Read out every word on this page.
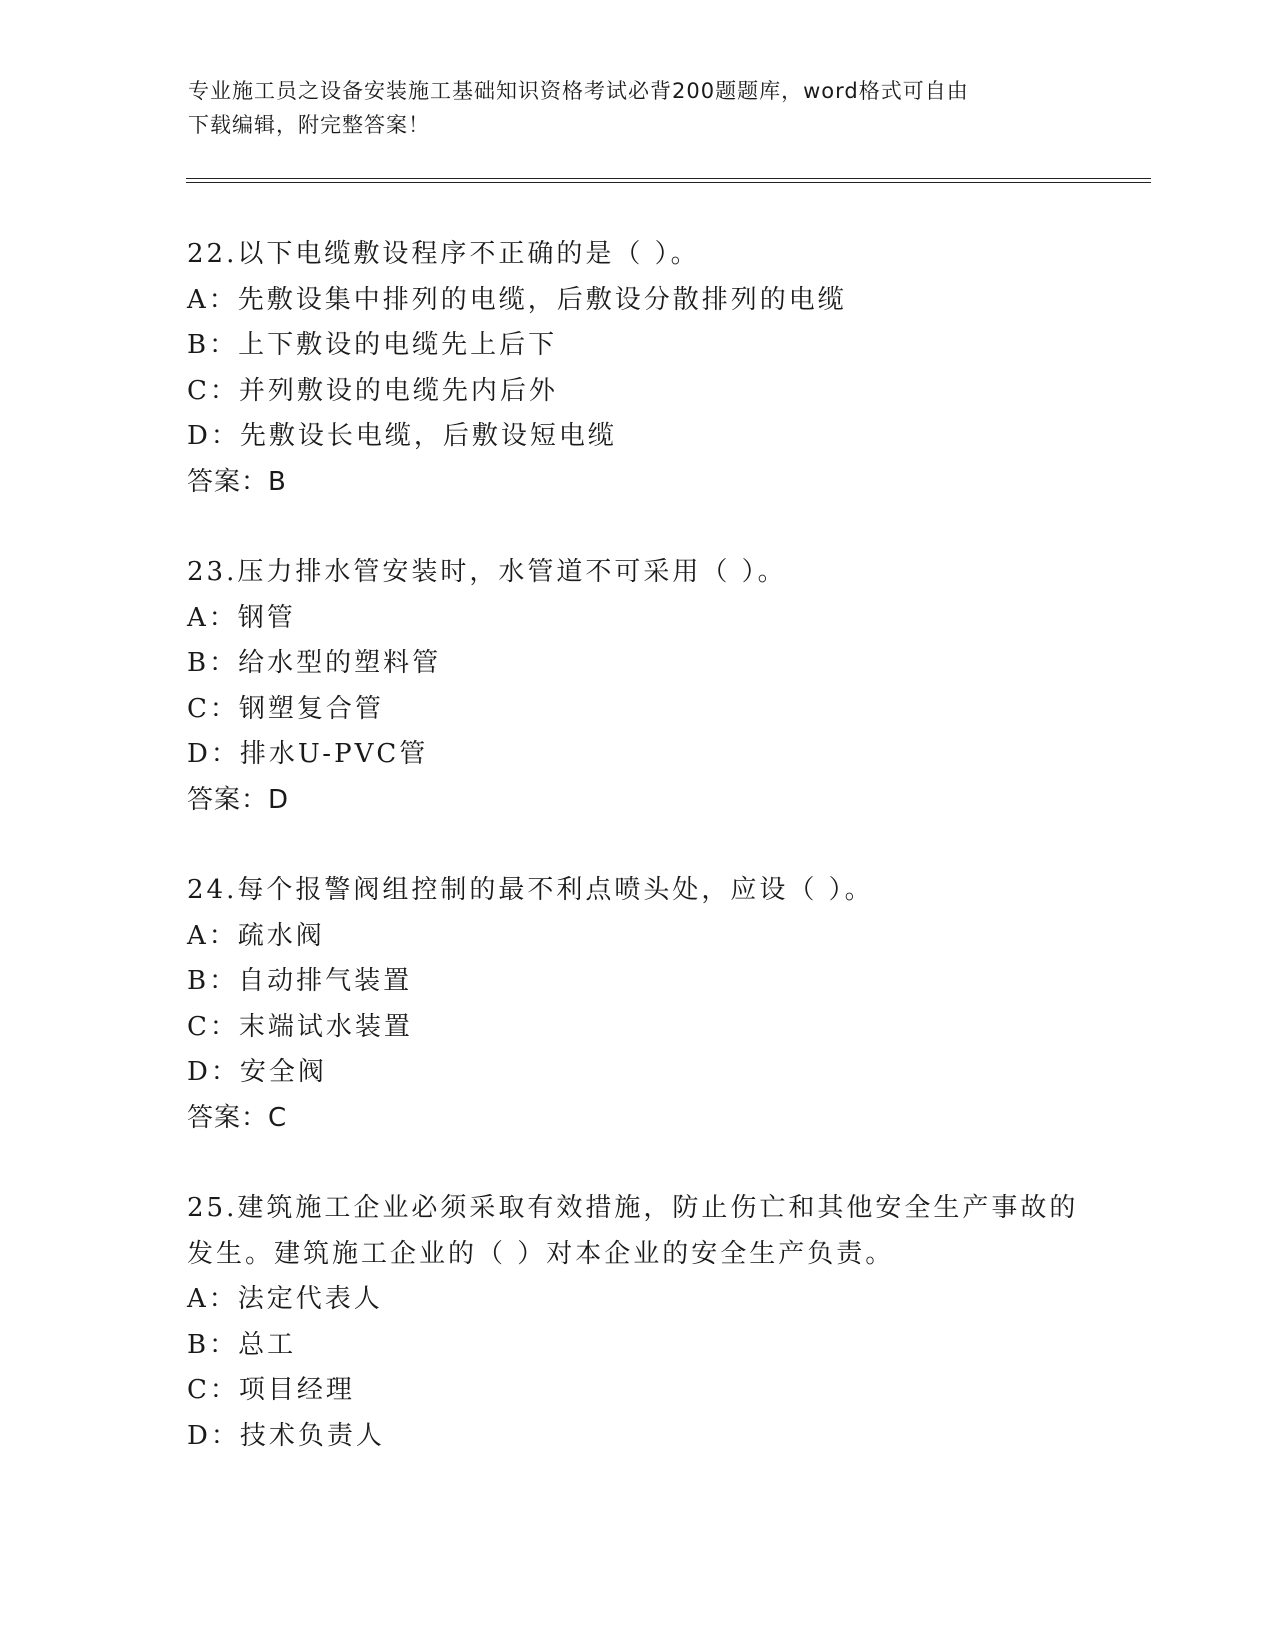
专业施工员之设备安装施工基础知识资格考试必背200题题库，word格式可自由
下载编辑，附完整答案！
22.以下电缆敷设程序不正确的是（ ）。
A：先敷设集中排列的电缆，后敷设分散排列的电缆
B：上下敷设的电缆先上后下
C：并列敷设的电缆先内后外
D：先敷设长电缆，后敷设短电缆
答案：B
23.压力排水管安装时，水管道不可采用（ ）。
A：钢管
B：给水型的塑料管
C：钢塑复合管
D：排水U-PVC管
答案：D
24.每个报警阀组控制的最不利点喷头处，应设（ ）。
A：疏水阀
B：自动排气装置
C：末端试水装置
D：安全阀
答案：C
25.建筑施工企业必须采取有效措施，防止伤亡和其他安全生产事故的
发生。建筑施工企业的（ ）对本企业的安全生产负责。
A：法定代表人
B：总工
C：项目经理
D：技术负责人
